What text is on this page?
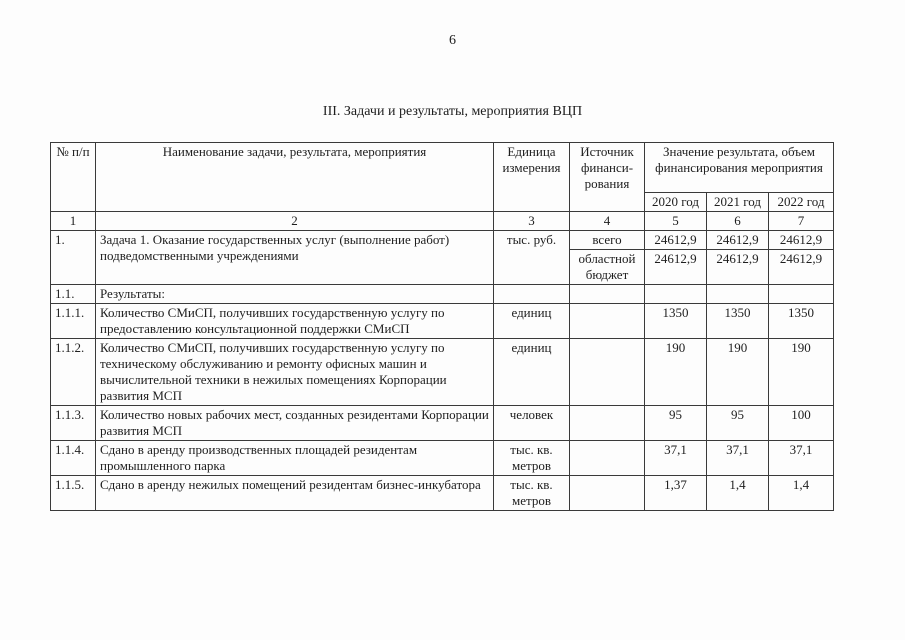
6
III. Задачи и результаты, мероприятия ВЦП
№ п/п	Наименование задачи, результата, мероприятия	Единица измерения	Источник финанси-рования	Значение результата, объем финансирования мероприятия		
				2020 год	2021 год	2022 год
1	2	3	4	5	6	7
1.	Задача 1. Оказание государственных услуг (выполнение работ) подведомственными учреждениями	тыс. руб.	всего	24612,9	24612,9	24612,9
			областной бюджет	24612,9	24612,9	24612,9
1.1.	Результаты:					
1.1.1.	Количество СМиСП, получивших государственную услугу по предоставлению консультационной поддержки СМиСП	единиц		1350	1350	1350
1.1.2.	Количество СМиСП, получивших государственную услугу по техническому обслуживанию и ремонту офисных машин и вычислительной техники в нежилых помещениях Корпорации развития МСП	единиц		190	190	190
1.1.3.	Количество новых рабочих мест, созданных резидентами Корпорации развития МСП	человек		95	95	100
1.1.4.	Сдано в аренду производственных площадей резидентам промышленного парка	тыс. кв. метров		37,1	37,1	37,1
1.1.5.	Сдано в аренду нежилых помещений резидентам бизнес-инкубатора	тыс. кв. метров		1,37	1,4	1,4
